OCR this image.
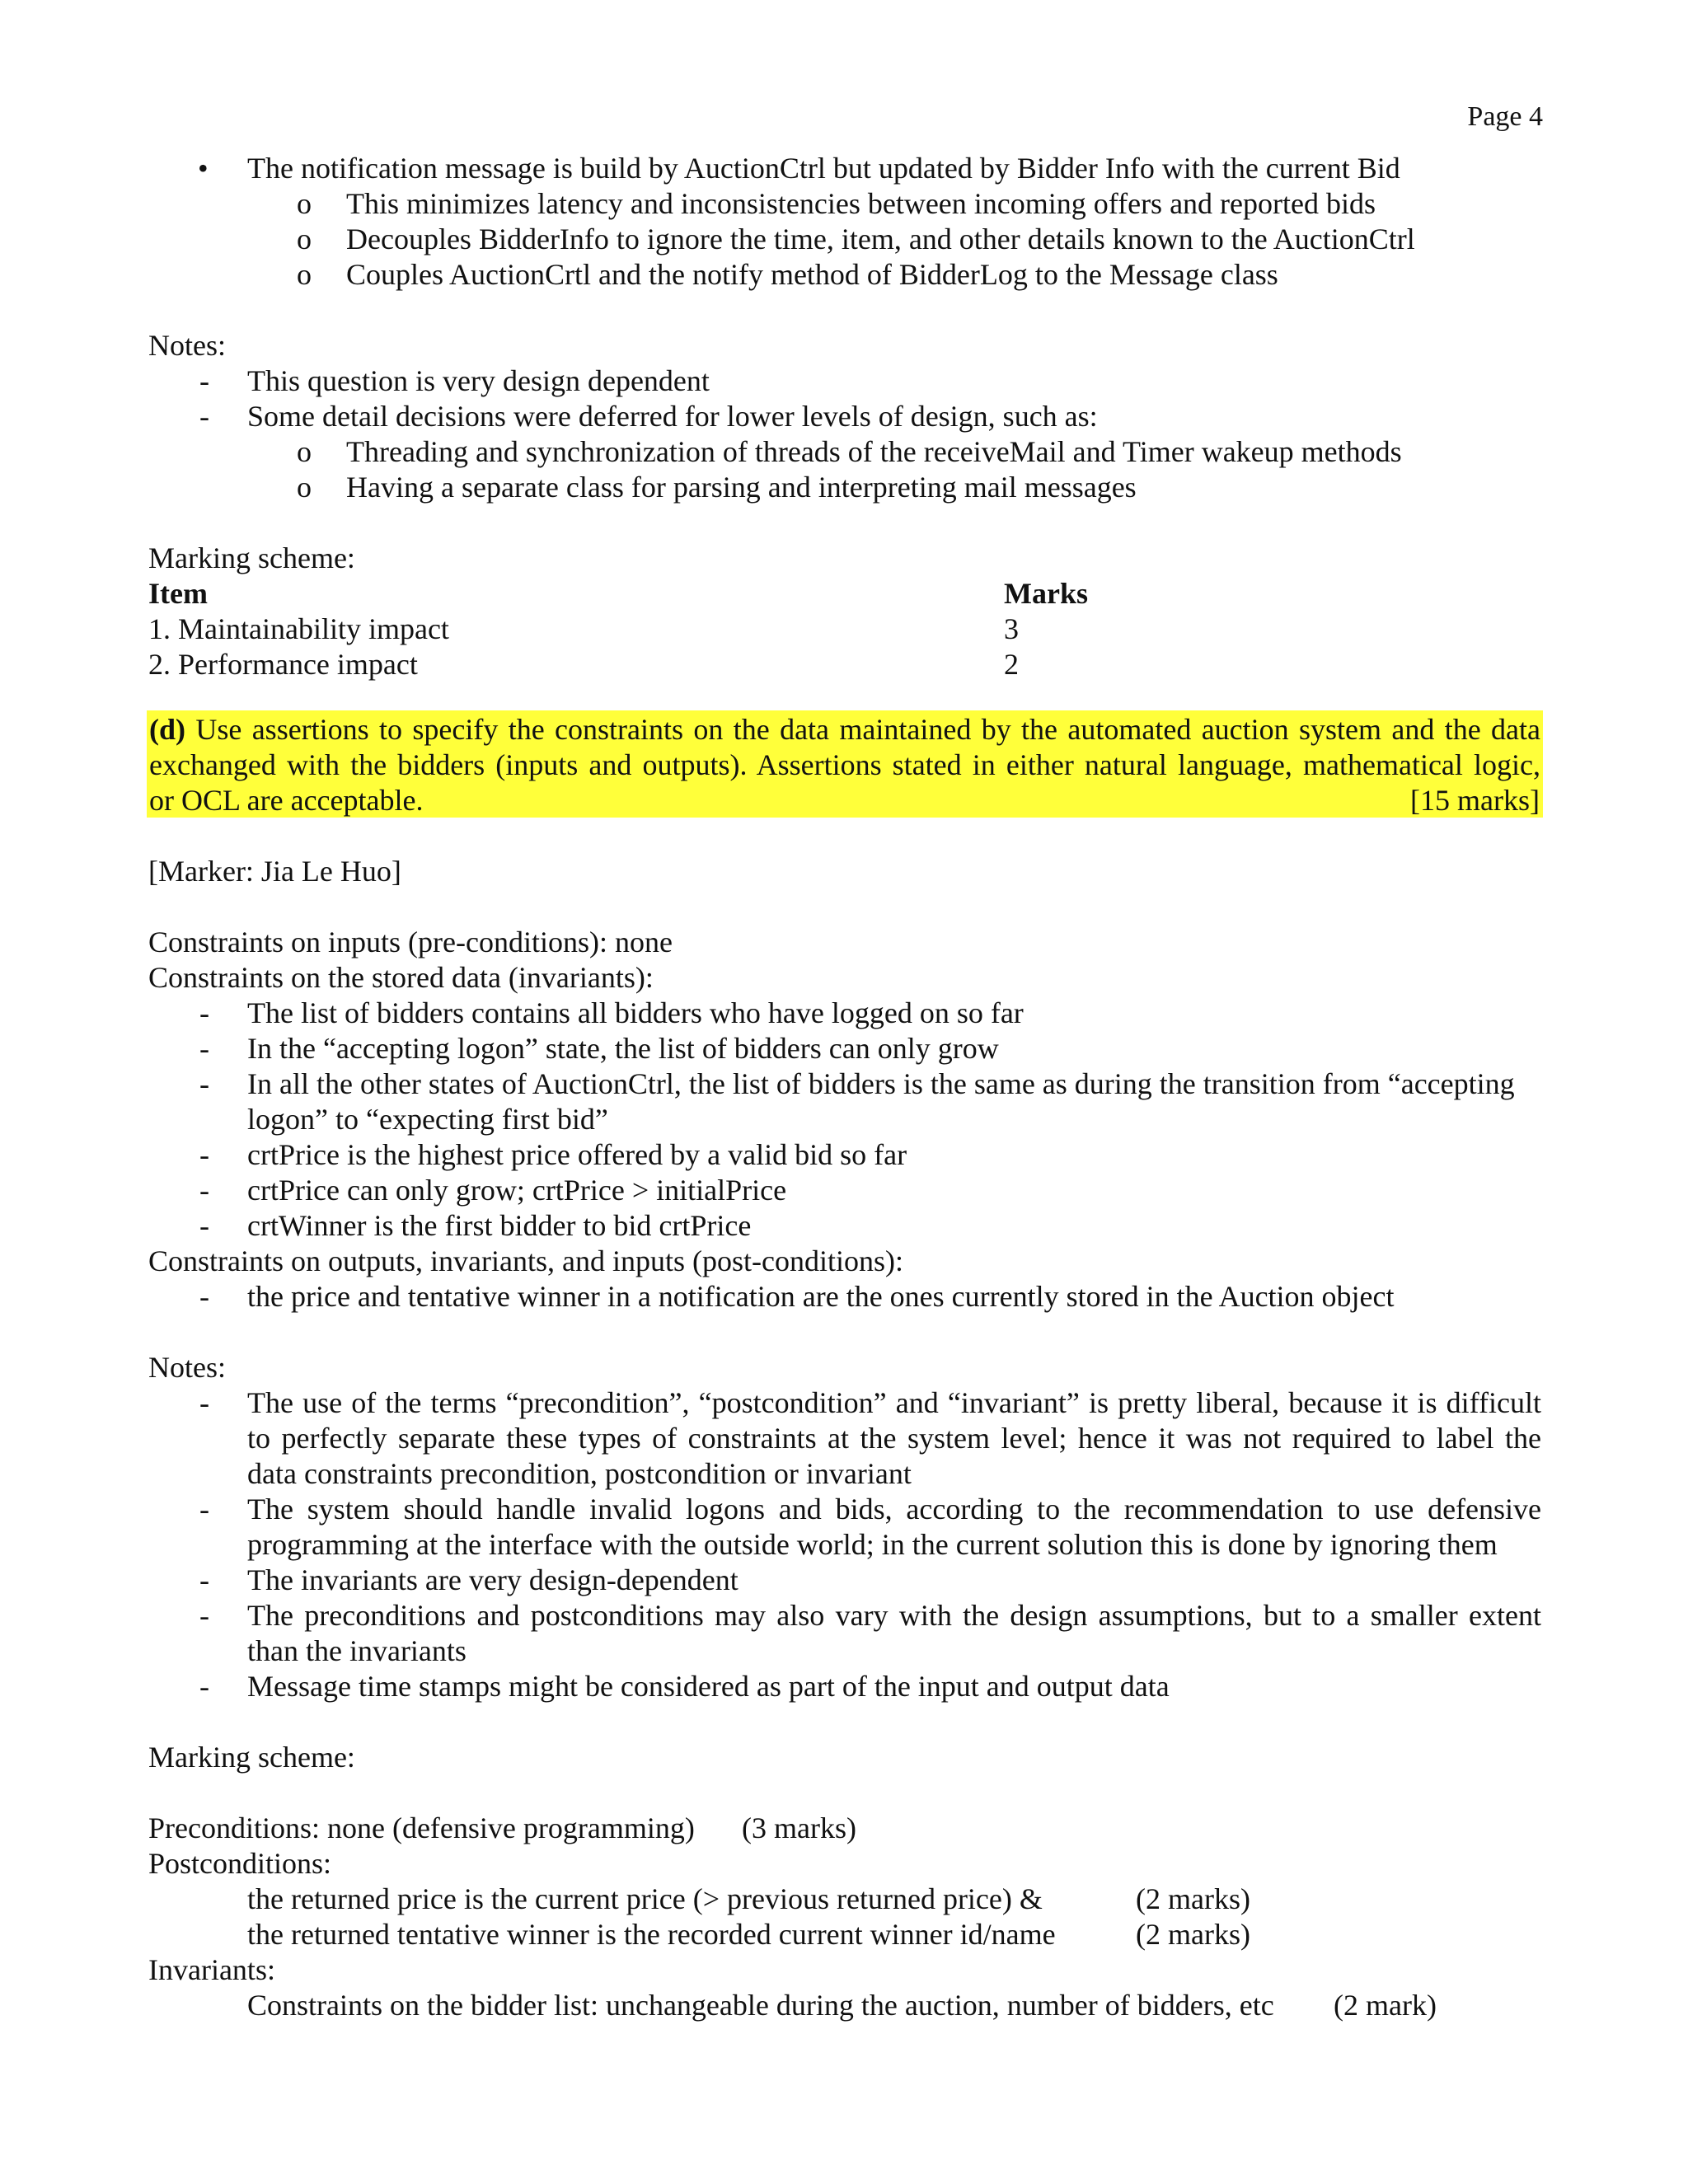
Page 4
• The notification message is build by AuctionCtrl but updated by Bidder Info with the current Bid
o This minimizes latency and inconsistencies between incoming offers and reported bids
o Decouples BidderInfo to ignore the time, item, and other details known to the AuctionCtrl
o Couples AuctionCrtl and the notify method of BidderLog to the Message class
Notes:
- This question is very design dependent
- Some detail decisions were deferred for lower levels of design, such as:
o Threading and synchronization of threads of the receiveMail and Timer wakeup methods
o Having a separate class for parsing and interpreting mail messages
Marking scheme:
Item	Marks
1. Maintainability impact	3
2. Performance impact	2
(d) Use assertions to specify the constraints on the data maintained by the automated auction system and the data
exchanged with the bidders (inputs and outputs). Assertions stated in either natural language, mathematical logic,
or OCL are acceptable.	[15 marks]
[Marker: Jia Le Huo]
Constraints on inputs (pre-conditions): none
Constraints on the stored data (invariants):
- The list of bidders contains all bidders who have logged on so far
- In the “accepting logon” state, the list of bidders can only grow
- In all the other states of AuctionCtrl, the list of bidders is the same as during the transition from “accepting
logon” to “expecting first bid”
- crtPrice is the highest price offered by a valid bid so far
- crtPrice can only grow; crtPrice > initialPrice
- crtWinner is the first bidder to bid crtPrice
Constraints on outputs, invariants, and inputs (post-conditions):
- the price and tentative winner in a notification are the ones currently stored in the Auction object
Notes:
- The use of the terms “precondition”, “postcondition” and “invariant” is pretty liberal, because it is difficult
to perfectly separate these types of constraints at the system level; hence it was not required to label the
data constraints precondition, postcondition or invariant
- The system should handle invalid logons and bids, according to the recommendation to use defensive
programming at the interface with the outside world; in the current solution this is done by ignoring them
- The invariants are very design-dependent
- The preconditions and postconditions may also vary with the design assumptions, but to a smaller extent
than the invariants
- Message time stamps might be considered as part of the input and output data
Marking scheme:
Preconditions: none (defensive programming) (3 marks)
Postconditions:
the returned price is the current price (> previous returned price) &	(2 marks)
the returned tentative winner is the recorded current winner id/name	(2 marks)
Invariants:
Constraints on the bidder list: unchangeable during the auction, number of bidders, etc (2 mark)
